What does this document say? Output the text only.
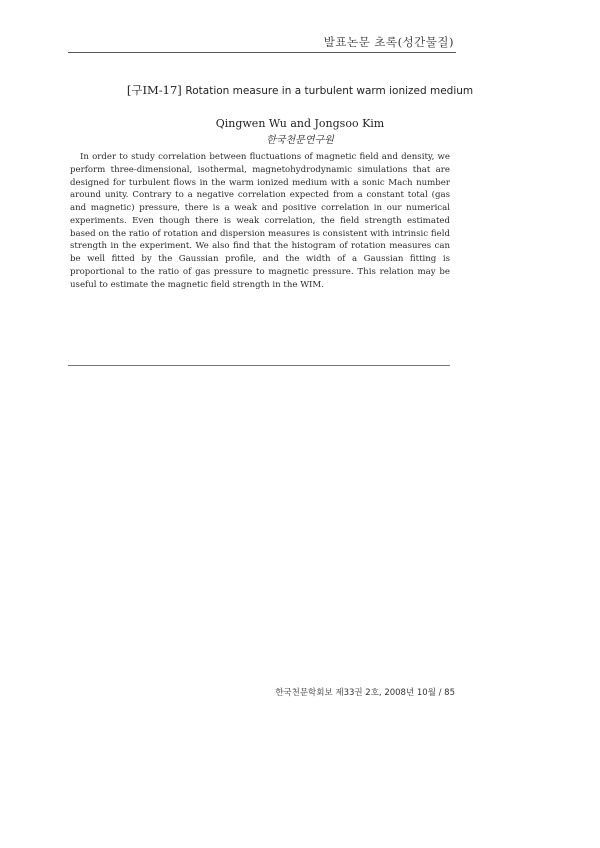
발표논문 초록(성간물질)
[구IM-17] Rotation measure in a turbulent warm ionized medium
Qingwen Wu and Jongsoo Kim
한국천문연구원

In order to study correlation between fluctuations of magnetic field and density, we perform three-dimensional, isothermal, magnetohydrodynamic simulations that are designed for turbulent flows in the warm ionized medium with a sonic Mach number around unity. Contrary to a negative correlation expected from a constant total (gas and magnetic) pressure, there is a weak and positive correlation in our numerical experiments. Even though there is weak correlation, the field strength estimated based on the ratio of rotation and dispersion measures is consistent with intrinsic field strength in the experiment. We also find that the histogram of rotation measures can be well fitted by the Gaussian profile, and the width of a Gaussian fitting is proportional to the ratio of gas pressure to magnetic pressure. This relation may be useful to estimate the magnetic field strength in the WIM.

한국천문학회보 제33권 2호, 2008년 10월 / 85
